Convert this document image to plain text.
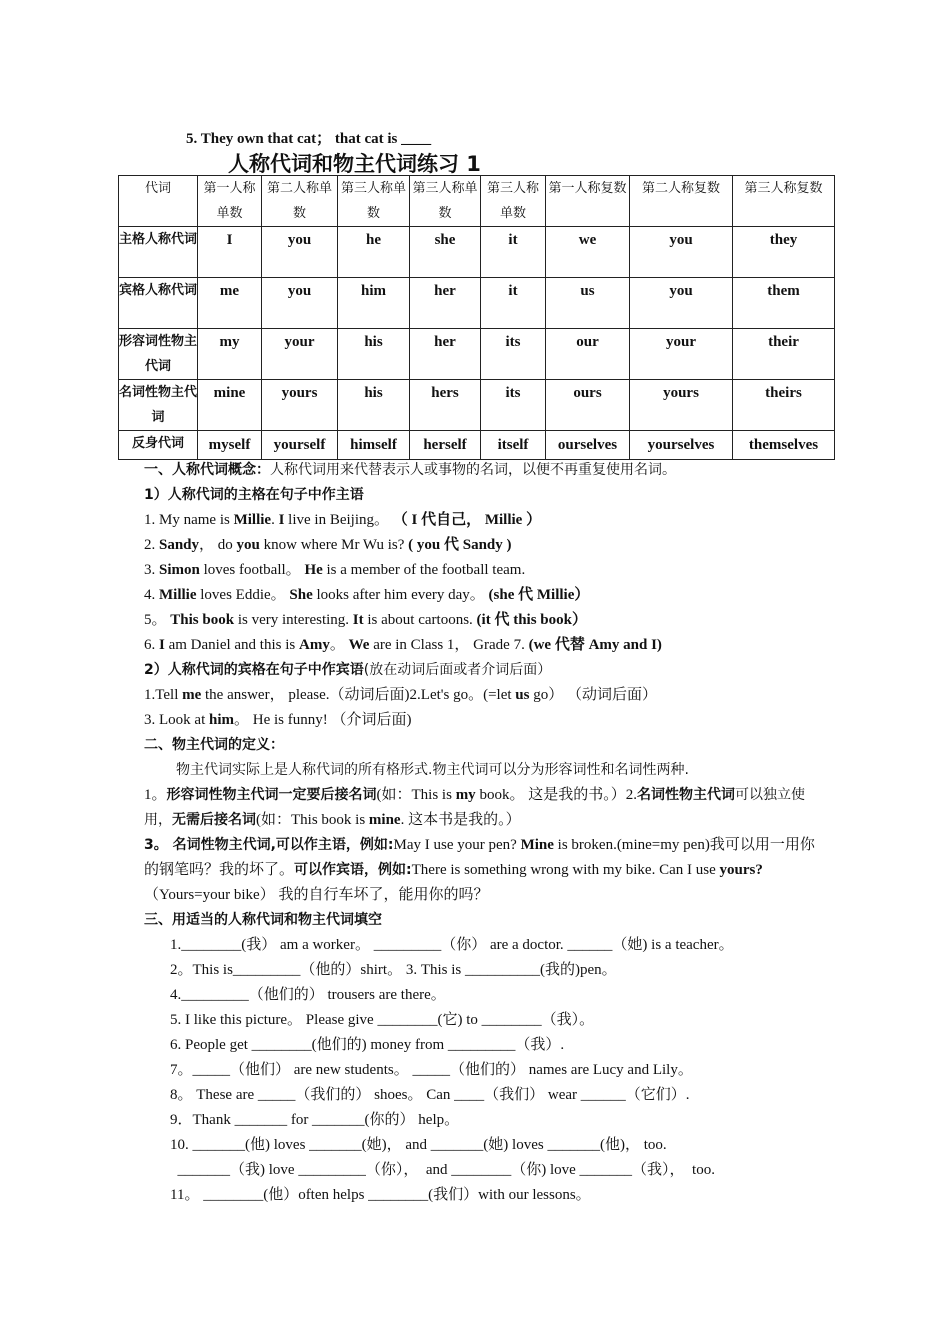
5. They own that cat； that cat is ____
人称代词和物主代词练习 1
代词	第一人称单数	第二人称单数	第三人称单数	第三人称单数	第三人称单数	第一人称复数	第二人称复数	第三人称复数
主格人称代词	I	you	he	she	it	we	you	they
宾格人称代词	me	you	him	her	it	us	you	them
形容词性物主代词	my	your	his	her	its	our	your	their
名词性物主代词	mine	yours	his	hers	its	ours	yours	theirs
反身代词	myself	yourself	himself	herself	itself	ourselves	yourselves	themselves

一、人称代词概念：人称代词用来代替表示人或事物的名词，以便不再重复使用名词。

1）人称代词的主格在句子中作主语

1. My name is Millie. I live in Beijing。 （ I 代自己， Millie ）

2. Sandy， do you know where Mr Wu is? ( you 代 Sandy )

3. Simon loves football。 He is a member of the football team.

4. Millie loves Eddie。 She looks after him every day。 (she 代 Millie）

5。 This book is very interesting. It is about cartoons. (it 代 this book）

6. I am Daniel and this is Amy。 We are in Class 1， Grade 7. (we 代替 Amy and I)

2）人称代词的宾格在句子中作宾语(放在动词后面或者介词后面）

1.Tell me the answer， please.（动词后面)2.Let's go。(=let us go） （动词后面）

3. Look at him。 He is funny! （介词后面)

二、物主代词的定义：

物主代词实际上是人称代词的所有格形式.物主代词可以分为形容词性和名词性两种.

1。形容词性物主代词一定要后接名词(如：This is my book。 这是我的书。）2.名词性物主代词可以独立使用，无需后接名词(如：This book is mine. 这本书是我的。）

3。 名词性物主代词,可以作主语，例如:May I use your pen? Mine is broken.(mine=my pen)我可以用一用你的钢笔吗？我的坏了。可以作宾语，例如:There is something wrong with my bike. Can I use yours? （Yours=your bike） 我的自行车坏了，能用你的吗？

三、用适当的人称代词和物主代词填空

1.________(我） am a worker。 _________（你） are a doctor. ______（她) is a teacher。

2。This is_________（他的）shirt。 3. This is __________(我的)pen。

4._________（他们的） trousers are there。

5. I like this picture。 Please give ________(它) to ________（我）。

6. People get ________(他们的) money from _________（我）.

7。_____（他们） are new students。 _____（他们的） names are Lucy and Lily。

8。 These are _____（我们的） shoes。 Can ____（我们） wear ______（它们）.

9．Thank _______ for _______(你的） help。

10. _______(他) loves _______(她)， and _______(她) loves _______(他)， too.

_______（我) love _________（你），  and ________（你) love _______（我），  too.

11。 ________(他）often helps ________(我们）with our lessons。
